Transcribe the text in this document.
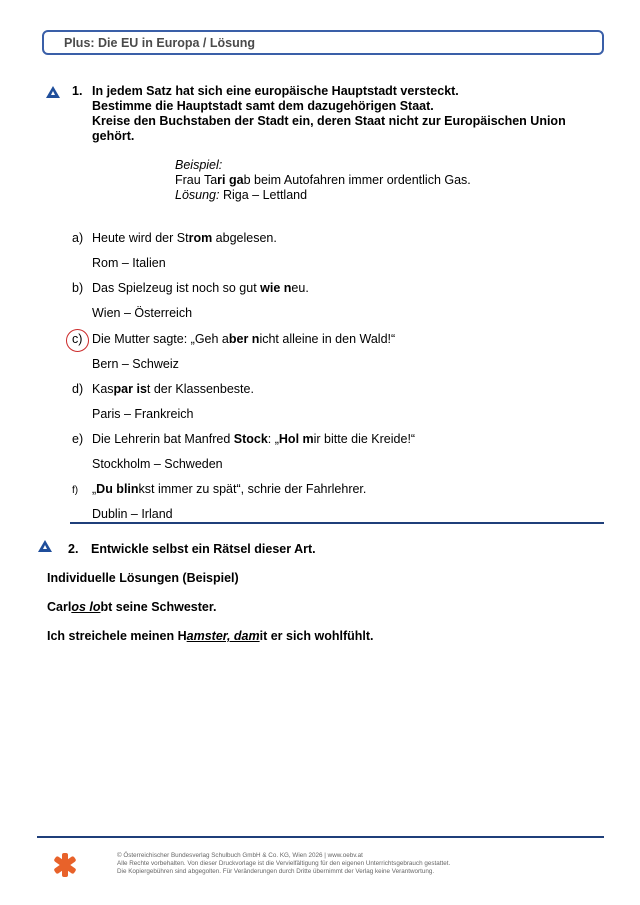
Plus: Die EU in Europa / Lösung
1. In jedem Satz hat sich eine europäische Hauptstadt versteckt.
Bestimme die Hauptstadt samt dem dazugehörigen Staat.
Kreise den Buchstaben der Stadt ein, deren Staat nicht zur Europäischen Union
gehört.
Beispiel:
Frau Tari gab beim Autofahren immer ordentlich Gas.
Lösung: Riga – Lettland
a) Heute wird der Strom abgelesen.
Rom – Italien
b) Das Spielzeug ist noch so gut wie neu.
Wien – Österreich
c) Die Mutter sagte: „Geh aber nicht alleine in den Wald!“
Bern – Schweiz
d) Kaspar ist der Klassenbeste.
Paris – Frankreich
e) Die Lehrerin bat Manfred Stock: „Hol mir bitte die Kreide!“
Stockholm – Schweden
f) „Du blinkst immer zu spät“, schrie der Fahrlehrer.
Dublin – Irland
2. Entwickle selbst ein Rätsel dieser Art.
Individuelle Lösungen (Beispiel)
Carlos lobt seine Schwester.
Ich streichele meinen Hamster, damit er sich wohlfühlt.
© Österreichischer Bundesverlag Schulbuch GmbH & Co. KG, Wien 2026 | www.oebv.at
Alle Rechte vorbehalten. Von dieser Druckvorlage ist die Vervielfältigung für den eigenen Unterrichtsgebrauch gestattet.
Die Kopiergebühren sind abgegolten. Für Veränderungen durch Dritte übernimmt der Verlag keine Verantwortung.
